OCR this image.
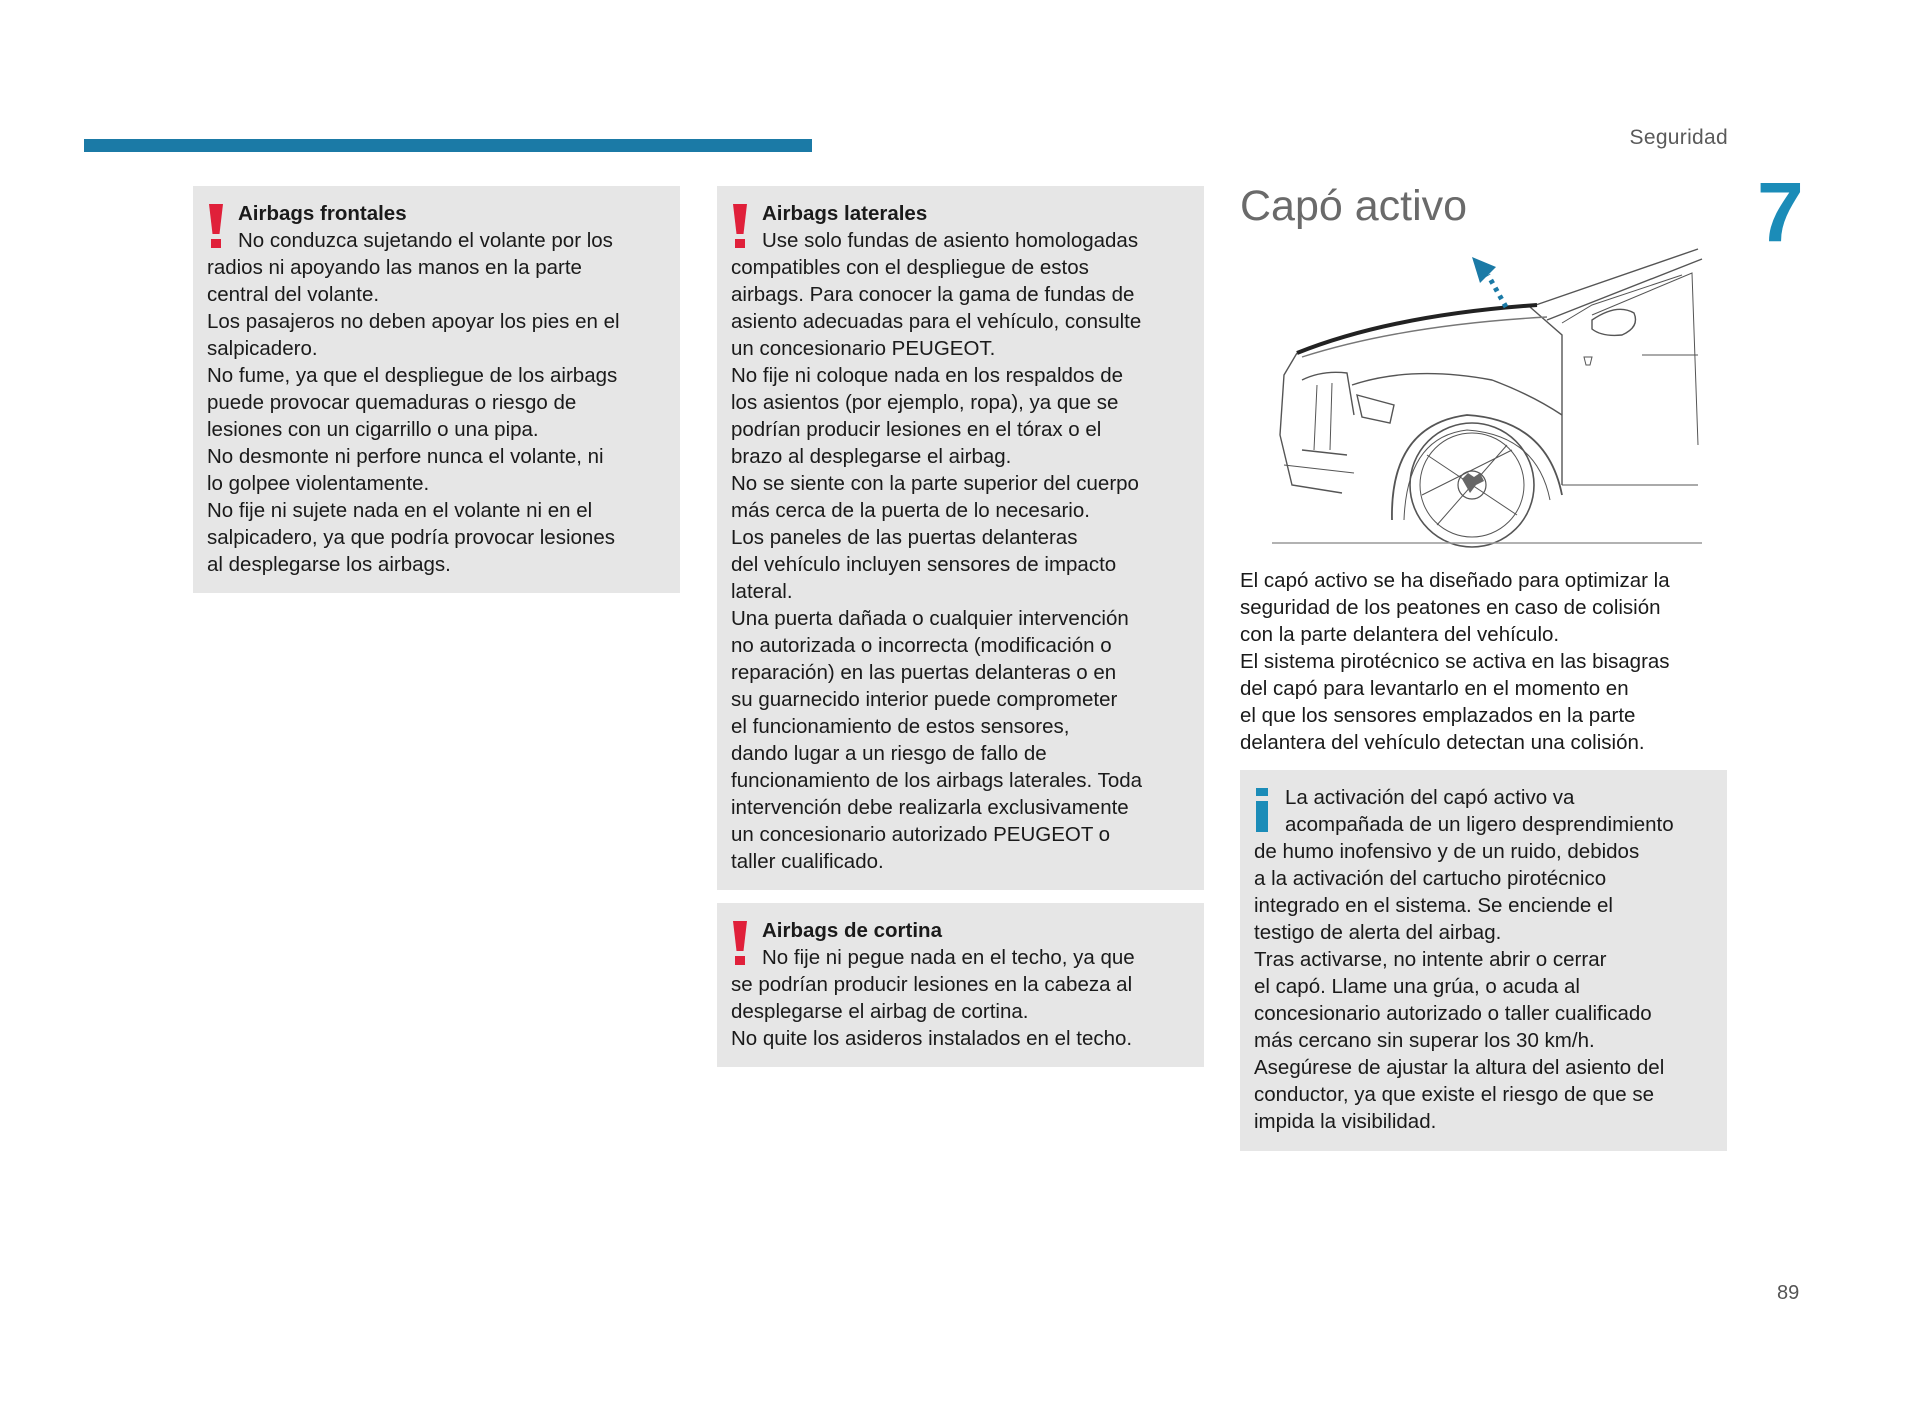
Seguridad
7
Airbags frontales
No conduzca sujetando el volante por los
radios ni apoyando las manos en la parte
central del volante.
Los pasajeros no deben apoyar los pies en el
salpicadero.
No fume, ya que el despliegue de los airbags
puede provocar quemaduras o riesgo de
lesiones con un cigarrillo o una pipa.
No desmonte ni perfore nunca el volante, ni
lo golpee violentamente.
No fije ni sujete nada en el volante ni en el
salpicadero, ya que podría provocar lesiones
al desplegarse los airbags.
Airbags laterales
Use solo fundas de asiento homologadas
compatibles con el despliegue de estos
airbags. Para conocer la gama de fundas de
asiento adecuadas para el vehículo, consulte
un concesionario PEUGEOT.
No fije ni coloque nada en los respaldos de
los asientos (por ejemplo, ropa), ya que se
podrían producir lesiones en el tórax o el
brazo al desplegarse el airbag.
No se siente con la parte superior del cuerpo
más cerca de la puerta de lo necesario.
Los paneles de las puertas delanteras
del vehículo incluyen sensores de impacto
lateral.
Una puerta dañada o cualquier intervención
no autorizada o incorrecta (modificación o
reparación) en las puertas delanteras o en
su guarnecido interior puede comprometer
el funcionamiento de estos sensores,
dando lugar a un riesgo de fallo de
funcionamiento de los airbags laterales. Toda
intervención debe realizarla exclusivamente
un concesionario autorizado PEUGEOT o
taller cualificado.
Airbags de cortina
No fije ni pegue nada en el techo, ya que
se podrían producir lesiones en la cabeza al
desplegarse el airbag de cortina.
No quite los asideros instalados en el techo.
Capó activo
El capó activo se ha diseñado para optimizar la
seguridad de los peatones en caso de colisión
con la parte delantera del vehículo.
El sistema pirotécnico se activa en las bisagras
del capó para levantarlo en el momento en
el que los sensores emplazados en la parte
delantera del vehículo detectan una colisión.
La activación del capó activo va
acompañada de un ligero desprendimiento
de humo inofensivo y de un ruido, debidos
a la activación del cartucho pirotécnico
integrado en el sistema. Se enciende el
testigo de alerta del airbag.
Tras activarse, no intente abrir o cerrar
el capó. Llame una grúa, o acuda al
concesionario autorizado o taller cualificado
más cercano sin superar los 30 km/h.
Asegúrese de ajustar la altura del asiento del
conductor, ya que existe el riesgo de que se
impida la visibilidad.
89
